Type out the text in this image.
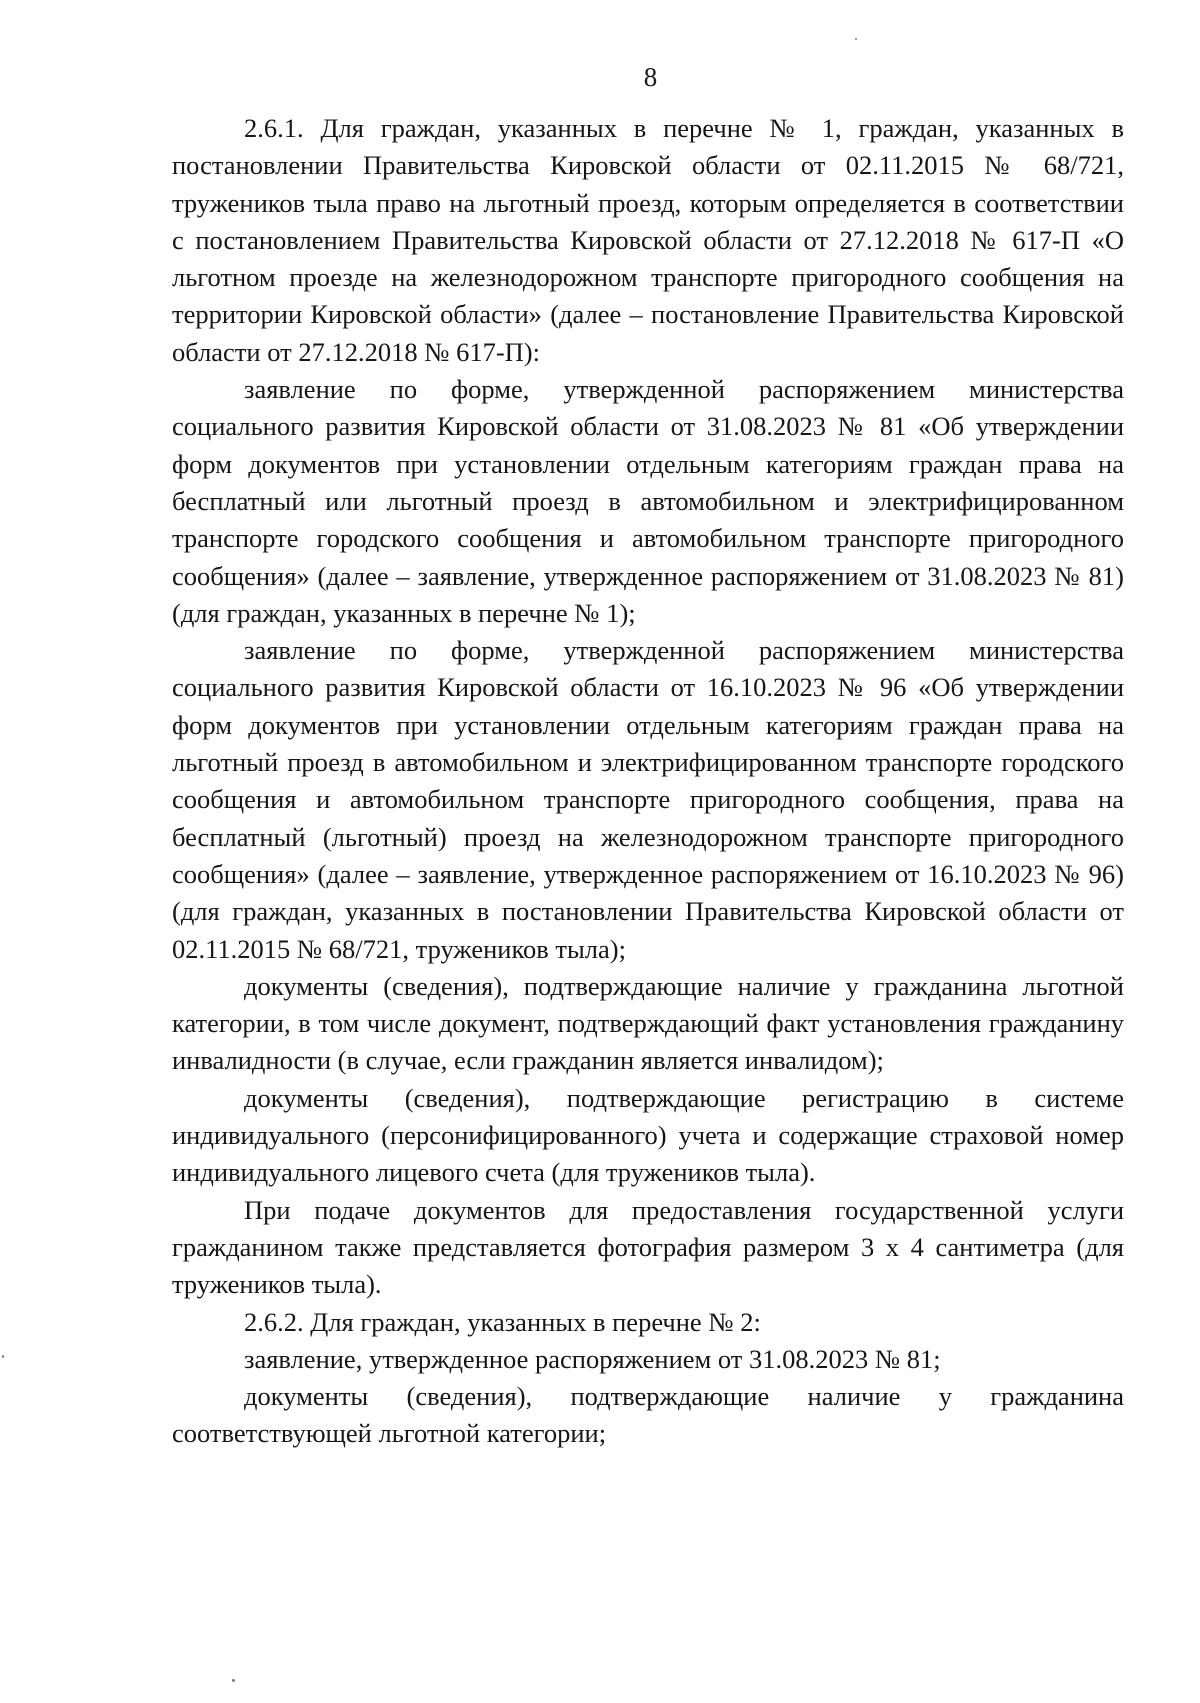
8

2.6.1. Для граждан, указанных в перечне № 1, граждан, указанных в постановлении Правительства Кировской области от 02.11.2015 № 68/721, тружеников тыла право на льготный проезд, которым определяется в соответствии с постановлением Правительства Кировской области от 27.12.2018 № 617-П «О льготном проезде на железнодорожном транспорте пригородного сообщения на территории Кировской области» (далее – постановление Правительства Кировской области от 27.12.2018 № 617-П):

заявление по форме, утвержденной распоряжением министерства социального развития Кировской области от 31.08.2023 № 81 «Об утверждении форм документов при установлении отдельным категориям граждан права на бесплатный или льготный проезд в автомобильном и электрифицированном транспорте городского сообщения и автомобильном транспорте пригородного сообщения» (далее – заявление, утвержденное распоряжением от 31.08.2023 № 81) (для граждан, указанных в перечне № 1);

заявление по форме, утвержденной распоряжением министерства социального развития Кировской области от 16.10.2023 № 96 «Об утверждении форм документов при установлении отдельным категориям граждан права на льготный проезд в автомобильном и электрифицированном транспорте городского сообщения и автомобильном транспорте пригородного сообщения, права на бесплатный (льготный) проезд на железнодорожном транспорте пригородного сообщения» (далее – заявление, утвержденное распоряжением от 16.10.2023 № 96) (для граждан, указанных в постановлении Правительства Кировской области от 02.11.2015 № 68/721, тружеников тыла);

документы (сведения), подтверждающие наличие у гражданина льготной категории, в том числе документ, подтверждающий факт установления гражданину инвалидности (в случае, если гражданин является инвалидом);

документы (сведения), подтверждающие регистрацию в системе индивидуального (персонифицированного) учета и содержащие страховой номер индивидуального лицевого счета (для тружеников тыла).

При подаче документов для предоставления государственной услуги гражданином также представляется фотография размером 3 х 4 сантиметра (для тружеников тыла).

2.6.2. Для граждан, указанных в перечне № 2:

заявление, утвержденное распоряжением от 31.08.2023 № 81;

документы (сведения), подтверждающие наличие у гражданина соответствующей льготной категории;
